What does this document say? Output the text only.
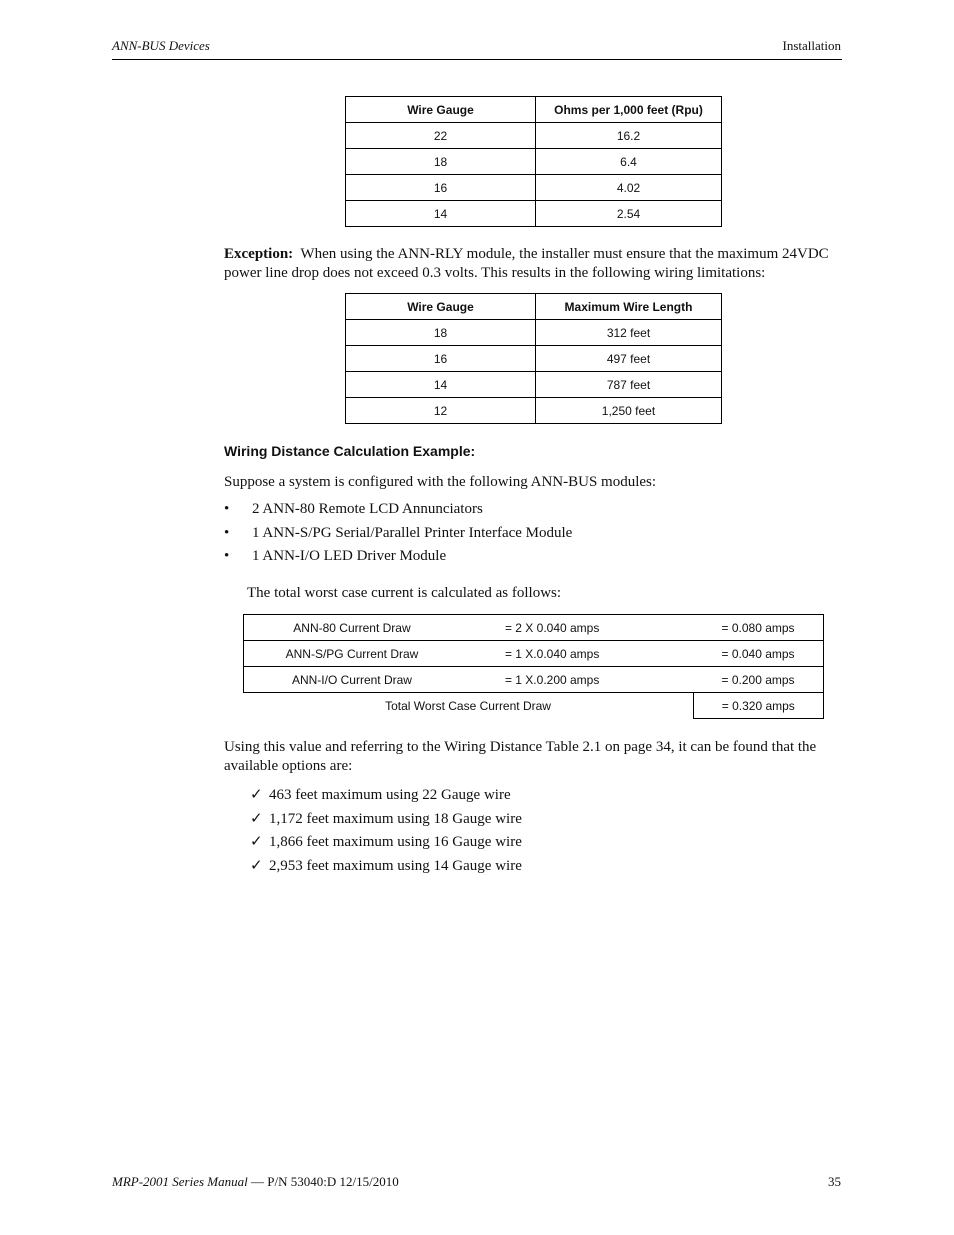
ANN-BUS Devices	Installation
Wire Gauge	Ohms per 1,000 feet (Rpu)
22	16.2
18	6.4
16	4.02
14	2.54
Exception: When using the ANN-RLY module, the installer must ensure that the maximum 24VDC power line drop does not exceed 0.3 volts. This results in the following wiring limitations:
Wire Gauge	Maximum Wire Length
18	312 feet
16	497 feet
14	787 feet
12	1,250 feet
Wiring Distance Calculation Example:
Suppose a system is configured with the following ANN-BUS modules:
• 2 ANN-80 Remote LCD Annunciators
• 1 ANN-S/PG Serial/Parallel Printer Interface Module
• 1 ANN-I/O LED Driver Module
The total worst case current is calculated as follows:
ANN-80 Current Draw	= 2 X 0.040 amps	= 0.080 amps
ANN-S/PG Current Draw	= 1 X.0.040 amps	= 0.040 amps
ANN-I/O Current Draw	= 1 X.0.200 amps	= 0.200 amps
Total Worst Case Current Draw		= 0.320 amps
Using this value and referring to the Wiring Distance Table 2.1 on page 34, it can be found that the available options are:
✓ 463 feet maximum using 22 Gauge wire
✓ 1,172 feet maximum using 18 Gauge wire
✓ 1,866 feet maximum using 16 Gauge wire
✓ 2,953 feet maximum using 14 Gauge wire
MRP-2001 Series Manual — P/N 53040:D 12/15/2010	35
